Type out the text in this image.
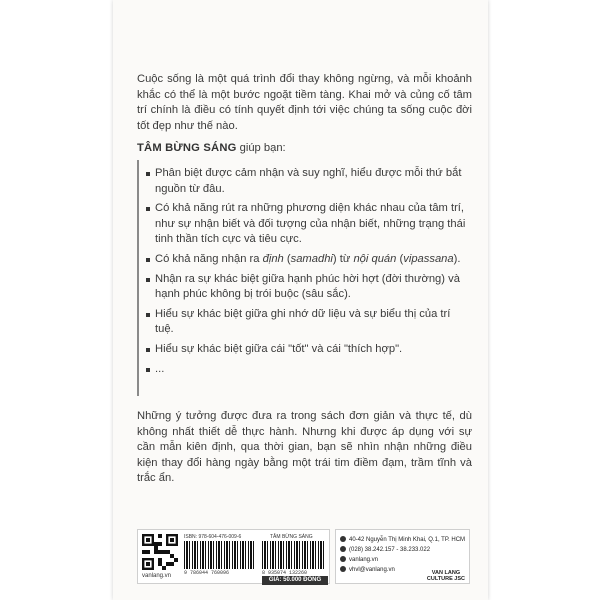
Cuộc sống là một quá trình đổi thay không ngừng, và mỗi khoảnh khắc có thể là một bước ngoặt tiềm tàng. Khai mở và củng cố tâm trí chính là điều có tính quyết định tới việc chúng ta sống cuộc đời tốt đẹp như thế nào.

TÂM BỪNG SÁNG giúp bạn:

Phân biệt được cảm nhận và suy nghĩ, hiểu được mỗi thứ bắt nguồn từ đâu.
Có khả năng rút ra những phương diện khác nhau của tâm trí, như sự nhận biết và đối tượng của nhận biết, những trạng thái tinh thần tích cực và tiêu cực.
Có khả năng nhận ra định (samadhi) từ nội quán (vipassana).
Nhận ra sự khác biệt giữa hạnh phúc hời hợt (đời thường) và hạnh phúc không bị trói buộc (sâu sắc).
Hiểu sự khác biệt giữa ghi nhớ dữ liệu và sự biểu thị của trí tuệ.
Hiểu sự khác biệt giữa cái "tốt" và cái "thích hợp".
...

Những ý tưởng được đưa ra trong sách đơn giản và thực tế, dù không nhất thiết dễ thực hành. Nhưng khi được áp dụng với sự cần mẫn kiên định, qua thời gian, bạn sẽ nhìn nhận những điều kiện thay đổi hàng ngày bằng một trái tim điềm đạm, trầm tĩnh và trắc ẩn.

vanlang.vn
ISBN: 978-604-476-009-6	TÂM BỪNG SÁNG
9 786044 760096	8 935074 132260
GIÁ: 50.000 ĐỒNG
40-42 Nguyễn Thị Minh Khai, Q.1, TP. HCM
(028) 38.242.157 - 38.233.022
vanlang.vn
vhvl@vanlang.vn	VAN LANG
CULTURE JSC
